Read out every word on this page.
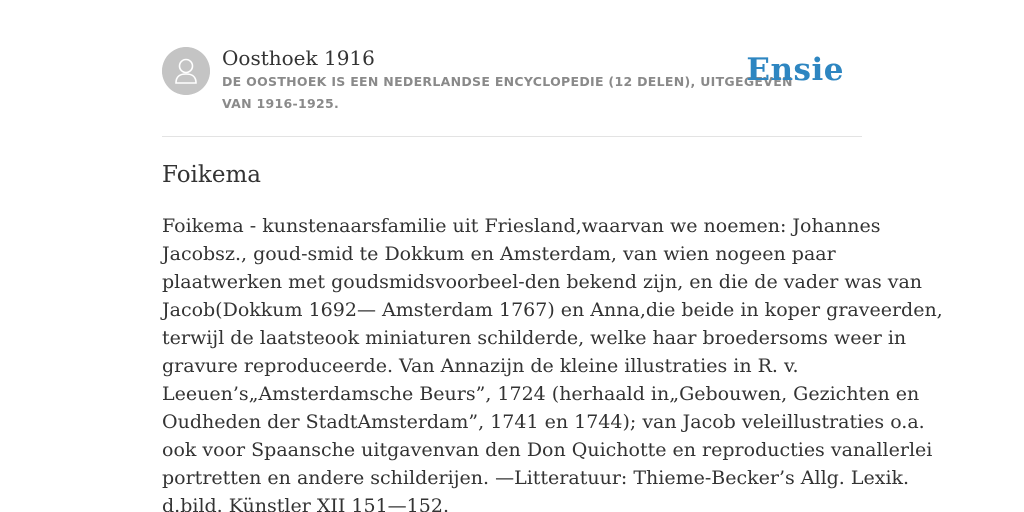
Oosthoek 1916
DE OOSTHOEK IS EEN NEDERLANDSE ENCYCLOPEDIE (12 DELEN), UITGEGEVEN
VAN 1916-1925.
Ensie
Foikema
Foikema - kunstenaarsfamilie uit Friesland,waarvan we noemen: Johannes
Jacobsz., goud-smid te Dokkum en Amsterdam, van wien nogeen paar
plaatwerken met goudsmidsvoorbeel-den bekend zijn, en die de vader was van
Jacob(Dokkum 1692— Amsterdam 1767) en Anna,die beide in koper graveerden,
terwijl de laatsteook miniaturen schilderde, welke haar broedersoms weer in
gravure reproduceerde. Van Annazijn de kleine illustraties in R. v.
Leeuen’s„Amsterdamsche Beurs”, 1724 (herhaald in„Gebouwen, Gezichten en
Oudheden der StadtAmsterdam”, 1741 en 1744); van Jacob veleillustraties o.a.
ook voor Spaansche uitgavenvan den Don Quichotte en reproducties vanallerlei
portretten en andere schilderijen. —Litteratuur: Thieme-Becker’s Allg. Lexik.
d.bild. Künstler XII 151—152.
